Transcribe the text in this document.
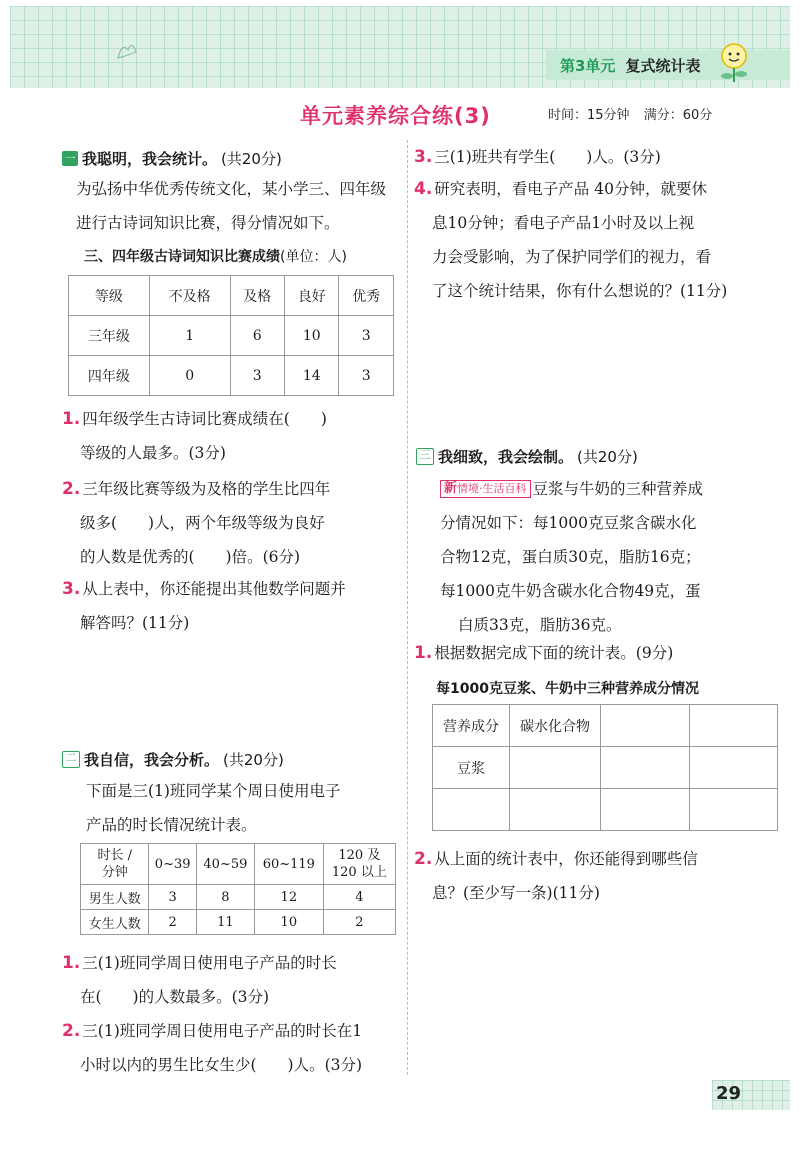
第3单元 复式统计表
单元素养综合练(3)	时间：15分钟 满分：60分
一 我聪明，我会统计。 (共20分)
为弘扬中华优秀传统文化，某小学三、四年级进行古诗词知识比赛，得分情况如下。
三、四年级古诗词知识比赛成绩(单位：人)
等级	不及格	及格	良好	优秀
三年级	1	6	10	3
四年级	0	3	14	3
1. 四年级学生古诗词比赛成绩在(　　)
等级的人最多。(3分)
2. 三年级比赛等级为及格的学生比四年
级多(　　)人，两个年级等级为良好
的人数是优秀的(　　)倍。(6分)
3. 从上表中，你还能提出其他数学问题并
解答吗？(11分)
二 我自信，我会分析。 (共20分)
下面是三(1)班同学某个周日使用电子
产品的时长情况统计表。
时长 /
分钟	0~39	40~59	60~119	120 及
120 以上
男生人数	3	8	12	4
女生人数	2	11	10	2
1. 三(1)班同学周日使用电子产品的时长
在(　　)的人数最多。(3分)
2. 三(1)班同学周日使用电子产品的时长在1
小时以内的男生比女生少(　　)人。(3分)
3. 三(1)班共有学生(　　)人。(3分)
4. 研究表明，看电子产品 40分钟，就要休
息10分钟；看电子产品1小时及以上视
力会受影响，为了保护同学们的视力，看
了这个统计结果，你有什么想说的？(11分)
三 我细致，我会绘制。 (共20分)
新情境·生活百科 豆浆与牛奶的三种营养成
分情况如下：每1000克豆浆含碳水化
合物12克，蛋白质30克，脂肪16克；
每1000克牛奶含碳水化合物49克，蛋
白质33克，脂肪36克。
1. 根据数据完成下面的统计表。(9分)
每1000克豆浆、牛奶中三种营养成分情况
营养成分	碳水化合物		
豆浆			

2. 从上面的统计表中，你还能得到哪些信
息？(至少写一条)(11分)
29
